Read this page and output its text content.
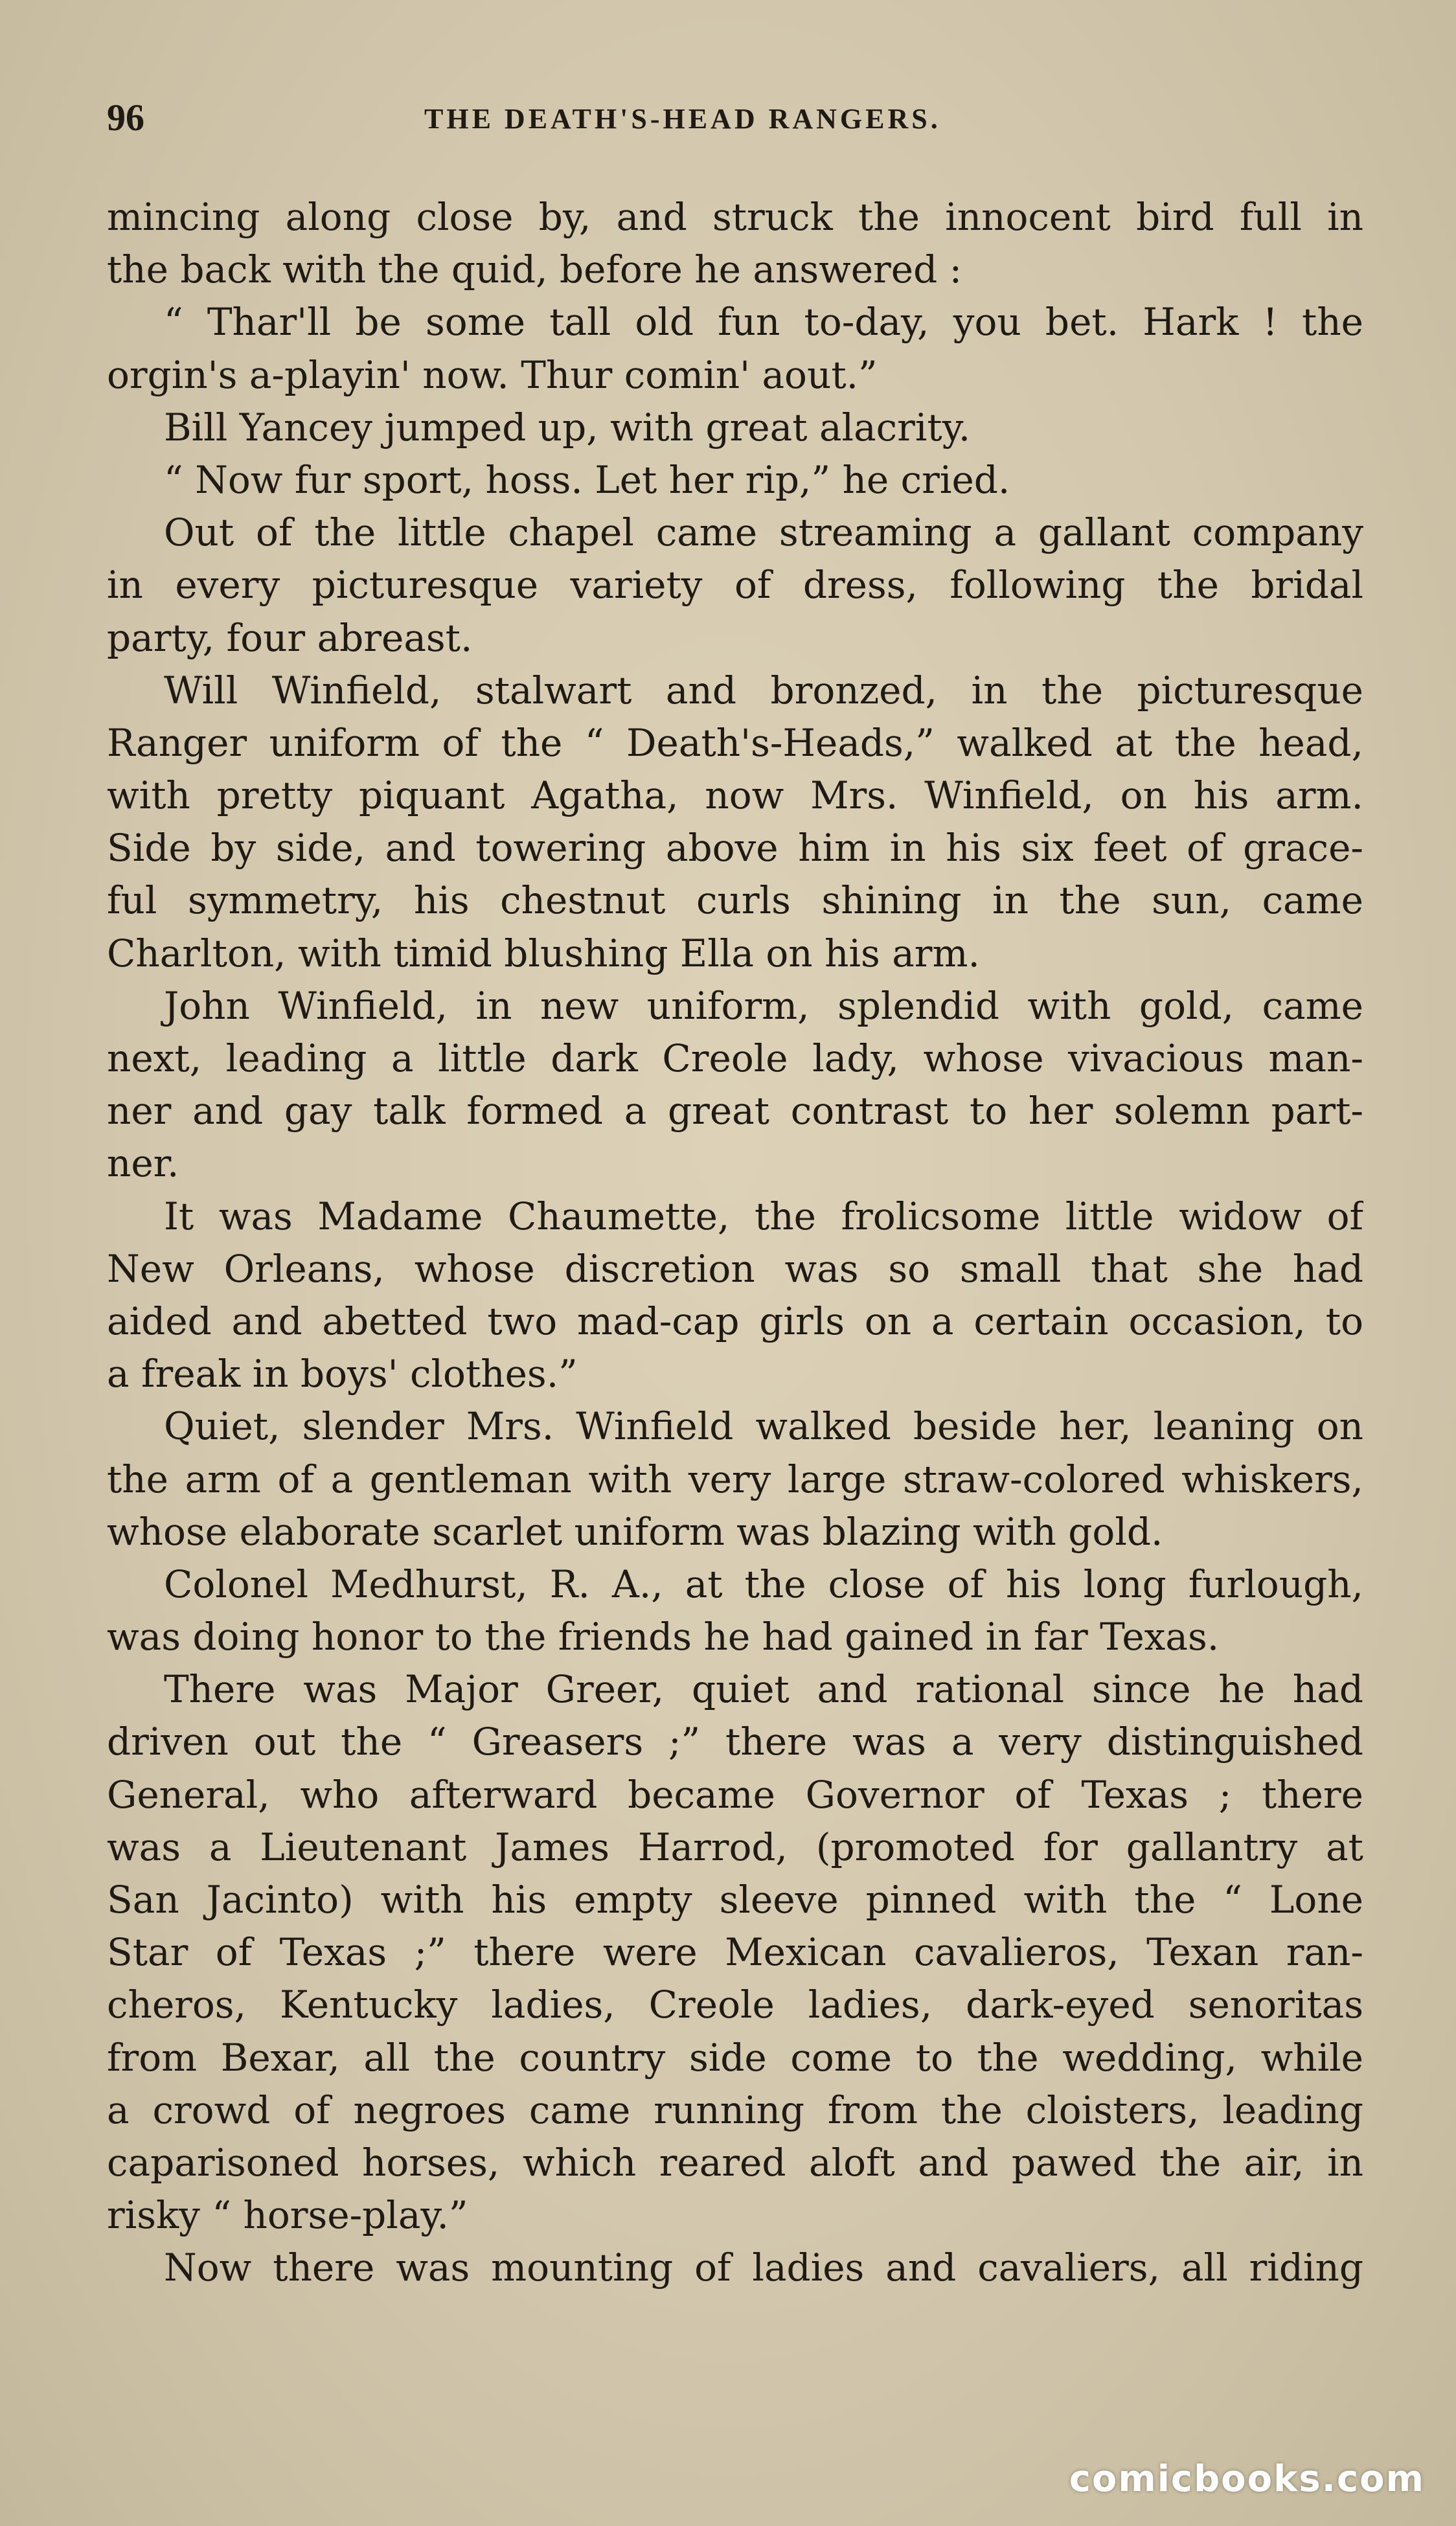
96	THE DEATH'S-HEAD RANGERS.
mincing along close by, and struck the innocent bird full in
the back with the quid, before he answered :
“ Thar'll be some tall old fun to-day, you bet. Hark ! the
orgin's a-playin' now. Thur comin' aout.”
Bill Yancey jumped up, with great alacrity.
“ Now fur sport, hoss. Let her rip,” he cried.
Out of the little chapel came streaming a gallant company
in every picturesque variety of dress, following the bridal
party, four abreast.
Will Winfield, stalwart and bronzed, in the picturesque
Ranger uniform of the “ Death's-Heads,” walked at the head,
with pretty piquant Agatha, now Mrs. Winfield, on his arm.
Side by side, and towering above him in his six feet of grace-
ful symmetry, his chestnut curls shining in the sun, came
Charlton, with timid blushing Ella on his arm.
John Winfield, in new uniform, splendid with gold, came
next, leading a little dark Creole lady, whose vivacious man-
ner and gay talk formed a great contrast to her solemn part-
ner.
It was Madame Chaumette, the frolicsome little widow of
New Orleans, whose discretion was so small that she had
aided and abetted two mad-cap girls on a certain occasion, to
a freak in boys' clothes.”
Quiet, slender Mrs. Winfield walked beside her, leaning on
the arm of a gentleman with very large straw-colored whiskers,
whose elaborate scarlet uniform was blazing with gold.
Colonel Medhurst, R. A., at the close of his long furlough,
was doing honor to the friends he had gained in far Texas.
There was Major Greer, quiet and rational since he had
driven out the “ Greasers ;” there was a very distinguished
General, who afterward became Governor of Texas ; there
was a Lieutenant James Harrod, (promoted for gallantry at
San Jacinto) with his empty sleeve pinned with the “ Lone
Star of Texas ;” there were Mexican cavalieros, Texan ran-
cheros, Kentucky ladies, Creole ladies, dark-eyed senoritas
from Bexar, all the country side come to the wedding, while
a crowd of negroes came running from the cloisters, leading
caparisoned horses, which reared aloft and pawed the air, in
risky “ horse-play.”
Now there was mounting of ladies and cavaliers, all riding
comicbooks.com
